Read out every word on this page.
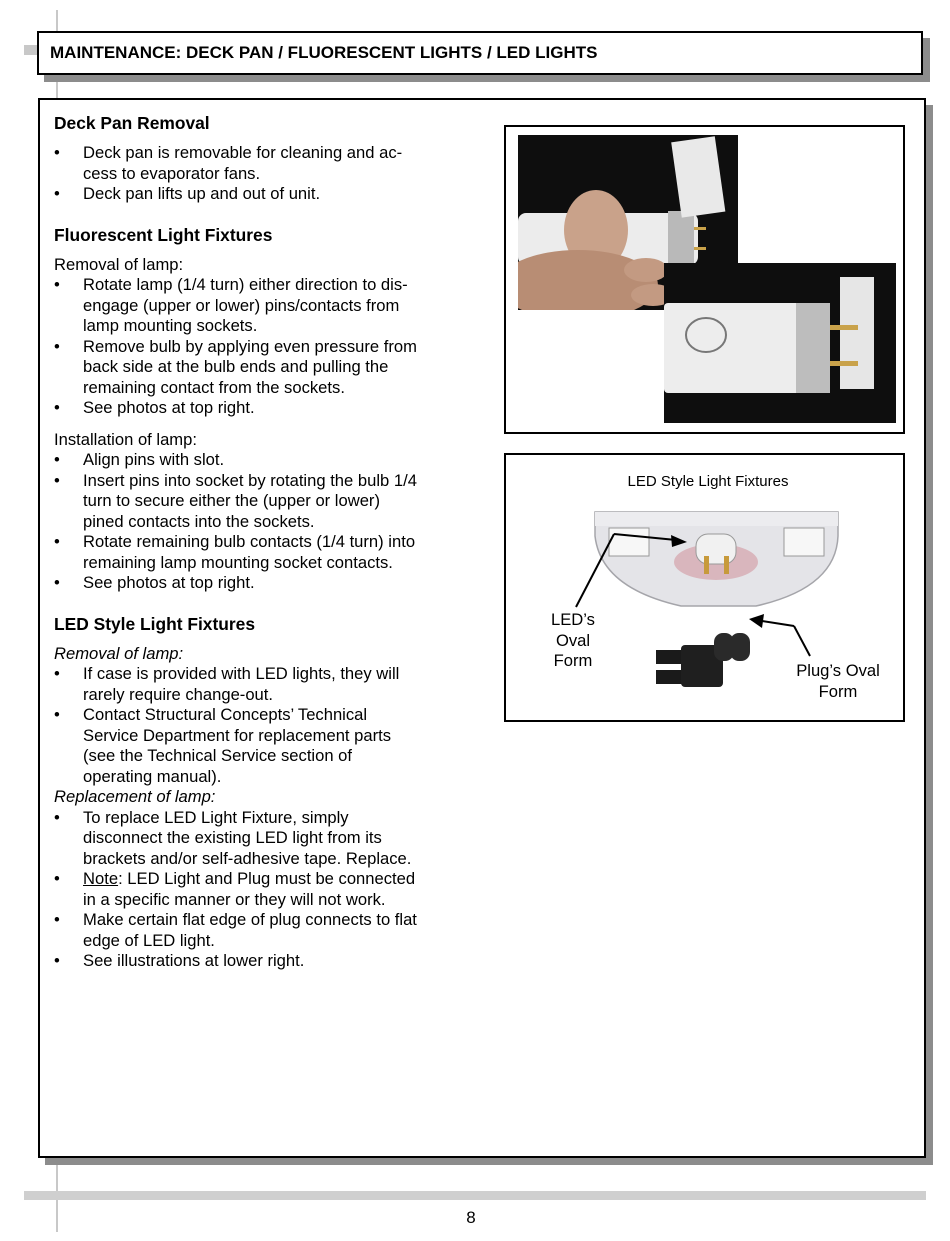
MAINTENANCE: DECK PAN / FLUORESCENT LIGHTS / LED LIGHTS
Deck Pan Removal
• Deck pan is removable for cleaning and ac-
cess to evaporator fans.
• Deck pan lifts up and out of unit.
Fluorescent Light Fixtures

Removal of lamp:

• Rotate lamp (1/4 turn) either direction to dis-
engage (upper or lower) pins/contacts from
lamp mounting sockets.
• Remove bulb by applying even pressure from
back side at the bulb ends and pulling the
remaining contact from the sockets.
• See photos at top right.

Installation of lamp:

• Align pins with slot.
• Insert pins into socket by rotating the bulb 1/4
turn to secure either the (upper or lower)
pined contacts into the sockets.
• Rotate remaining bulb contacts (1/4 turn) into
remaining lamp mounting socket contacts.
• See photos at top right.
LED Style Light Fixtures

Removal of lamp:

• If case is provided with LED lights, they will
rarely require change-out.
• Contact Structural Concepts’ Technical
Service Department for replacement parts
(see the Technical Service section of
operating manual).

Replacement of lamp:

• To replace LED Light Fixture, simply
disconnect the existing LED light from its
brackets and/or self-adhesive tape. Replace.
• Note: LED Light and Plug must be connected
in a specific manner or they will not work.
• Make certain flat edge of plug connects to flat
edge of LED light.
• See illustrations at lower right.
LED Style Light Fixtures
LED’s
Oval
Form
Plug’s Oval
Form
8
